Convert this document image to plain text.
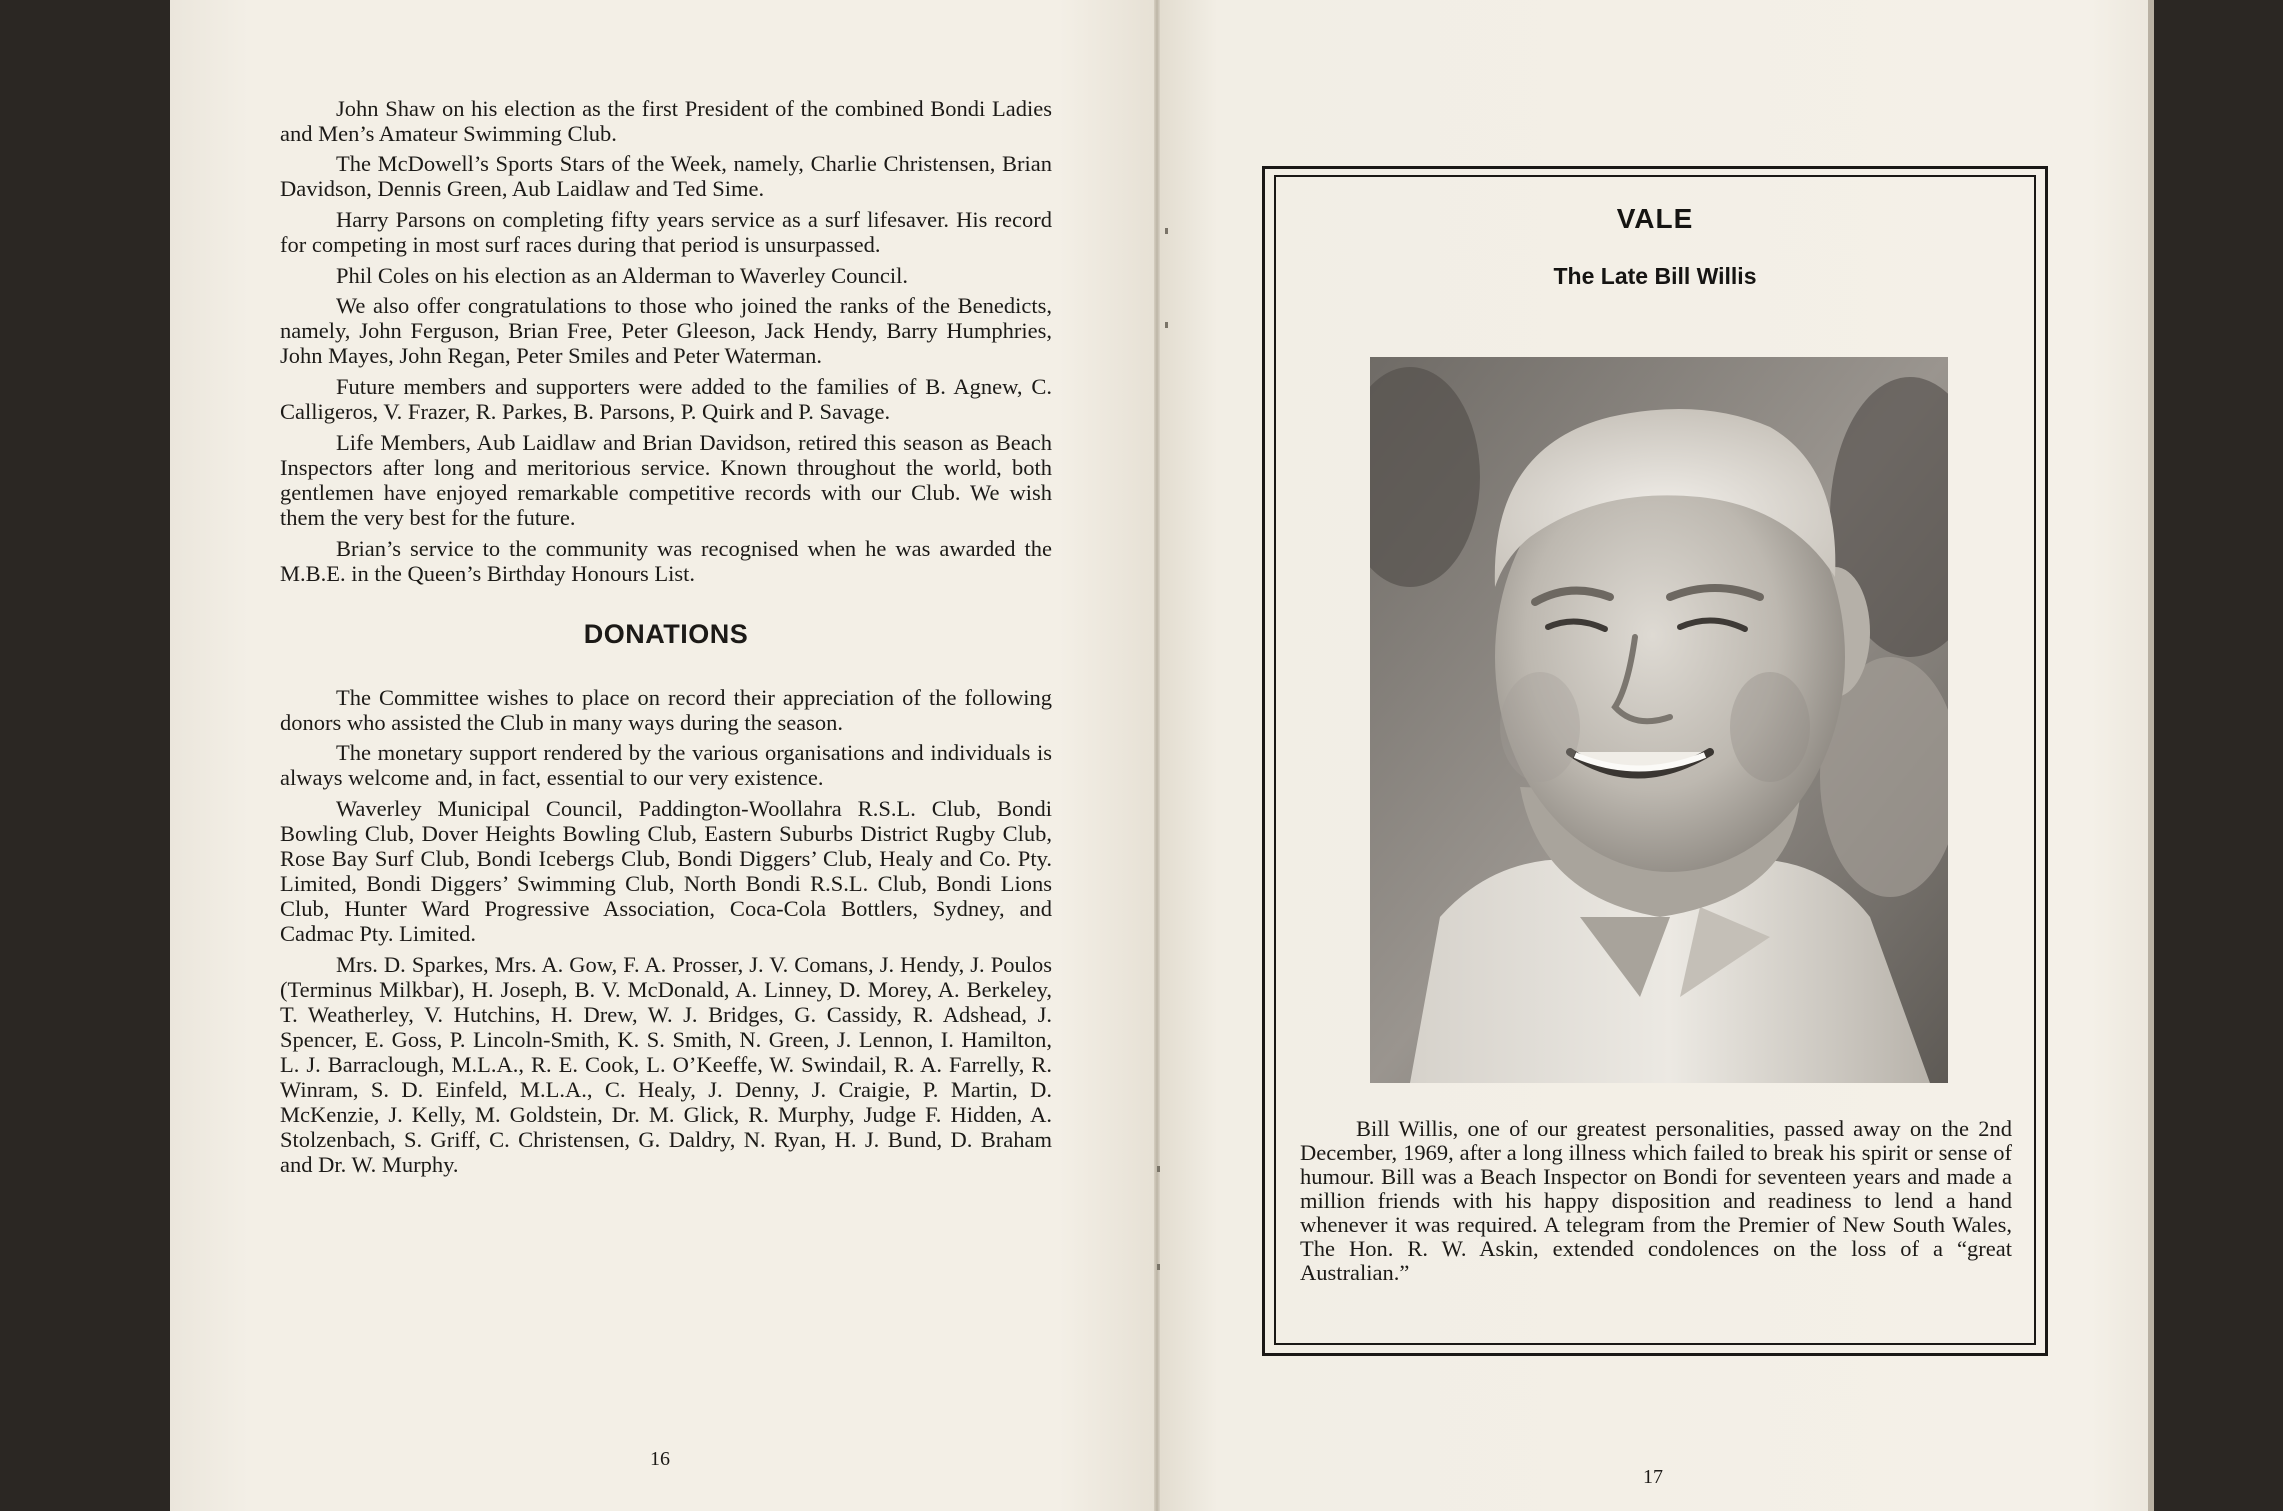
John Shaw on his election as the first President of the combined Bondi Ladies and Men’s Amateur Swimming Club.

The McDowell’s Sports Stars of the Week, namely, Charlie Christensen, Brian Davidson, Dennis Green, Aub Laidlaw and Ted Sime.

Harry Parsons on completing fifty years service as a surf lifesaver. His record for competing in most surf races during that period is unsurpassed.

Phil Coles on his election as an Alderman to Waverley Council.

We also offer congratulations to those who joined the ranks of the Benedicts, namely, John Ferguson, Brian Free, Peter Gleeson, Jack Hendy, Barry Humphries, John Mayes, John Regan, Peter Smiles and Peter Waterman.

Future members and supporters were added to the families of B. Agnew, C. Calligeros, V. Frazer, R. Parkes, B. Parsons, P. Quirk and P. Savage.

Life Members, Aub Laidlaw and Brian Davidson, retired this season as Beach Inspectors after long and meritorious service. Known throughout the world, both gentlemen have enjoyed remarkable competitive records with our Club. We wish them the very best for the future.

Brian’s service to the community was recognised when he was awarded the M.B.E. in the Queen’s Birthday Honours List.

DONATIONS

The Committee wishes to place on record their appreciation of the following donors who assisted the Club in many ways during the season.

The monetary support rendered by the various organisations and individuals is always welcome and, in fact, essential to our very existence.

Waverley Municipal Council, Paddington-Woollahra R.S.L. Club, Bondi Bowling Club, Dover Heights Bowling Club, Eastern Suburbs District Rugby Club, Rose Bay Surf Club, Bondi Icebergs Club, Bondi Diggers’ Club, Healy and Co. Pty. Limited, Bondi Diggers’ Swimming Club, North Bondi R.S.L. Club, Bondi Lions Club, Hunter Ward Progressive Association, Coca-Cola Bottlers, Sydney, and Cadmac Pty. Limited.

Mrs. D. Sparkes, Mrs. A. Gow, F. A. Prosser, J. V. Comans, J. Hendy, J. Poulos (Terminus Milkbar), H. Joseph, B. V. McDonald, A. Linney, D. Morey, A. Berkeley, T. Weatherley, V. Hutchins, H. Drew, W. J. Bridges, G. Cassidy, R. Adshead, J. Spencer, E. Goss, P. Lincoln-Smith, K. S. Smith, N. Green, J. Lennon, I. Hamilton, L. J. Barraclough, M.L.A., R. E. Cook, L. O’Keeffe, W. Swindail, R. A. Farrelly, R. Winram, S. D. Einfeld, M.L.A., C. Healy, J. Denny, J. Craigie, P. Martin, D. McKenzie, J. Kelly, M. Goldstein, Dr. M. Glick, R. Murphy, Judge F. Hidden, A. Stolzenbach, S. Griff, C. Christensen, G. Daldry, N. Ryan, H. J. Bund, D. Braham and Dr. W. Murphy.

16
VALE
The Late Bill Willis

Bill Willis, one of our greatest personalities, passed away on the 2nd December, 1969, after a long illness which failed to break his spirit or sense of humour. Bill was a Beach Inspector on Bondi for seventeen years and made a million friends with his happy disposition and readiness to lend a hand whenever it was required. A telegram from the Premier of New South Wales, The Hon. R. W. Askin, extended condolences on the loss of a “great Australian.”

17
